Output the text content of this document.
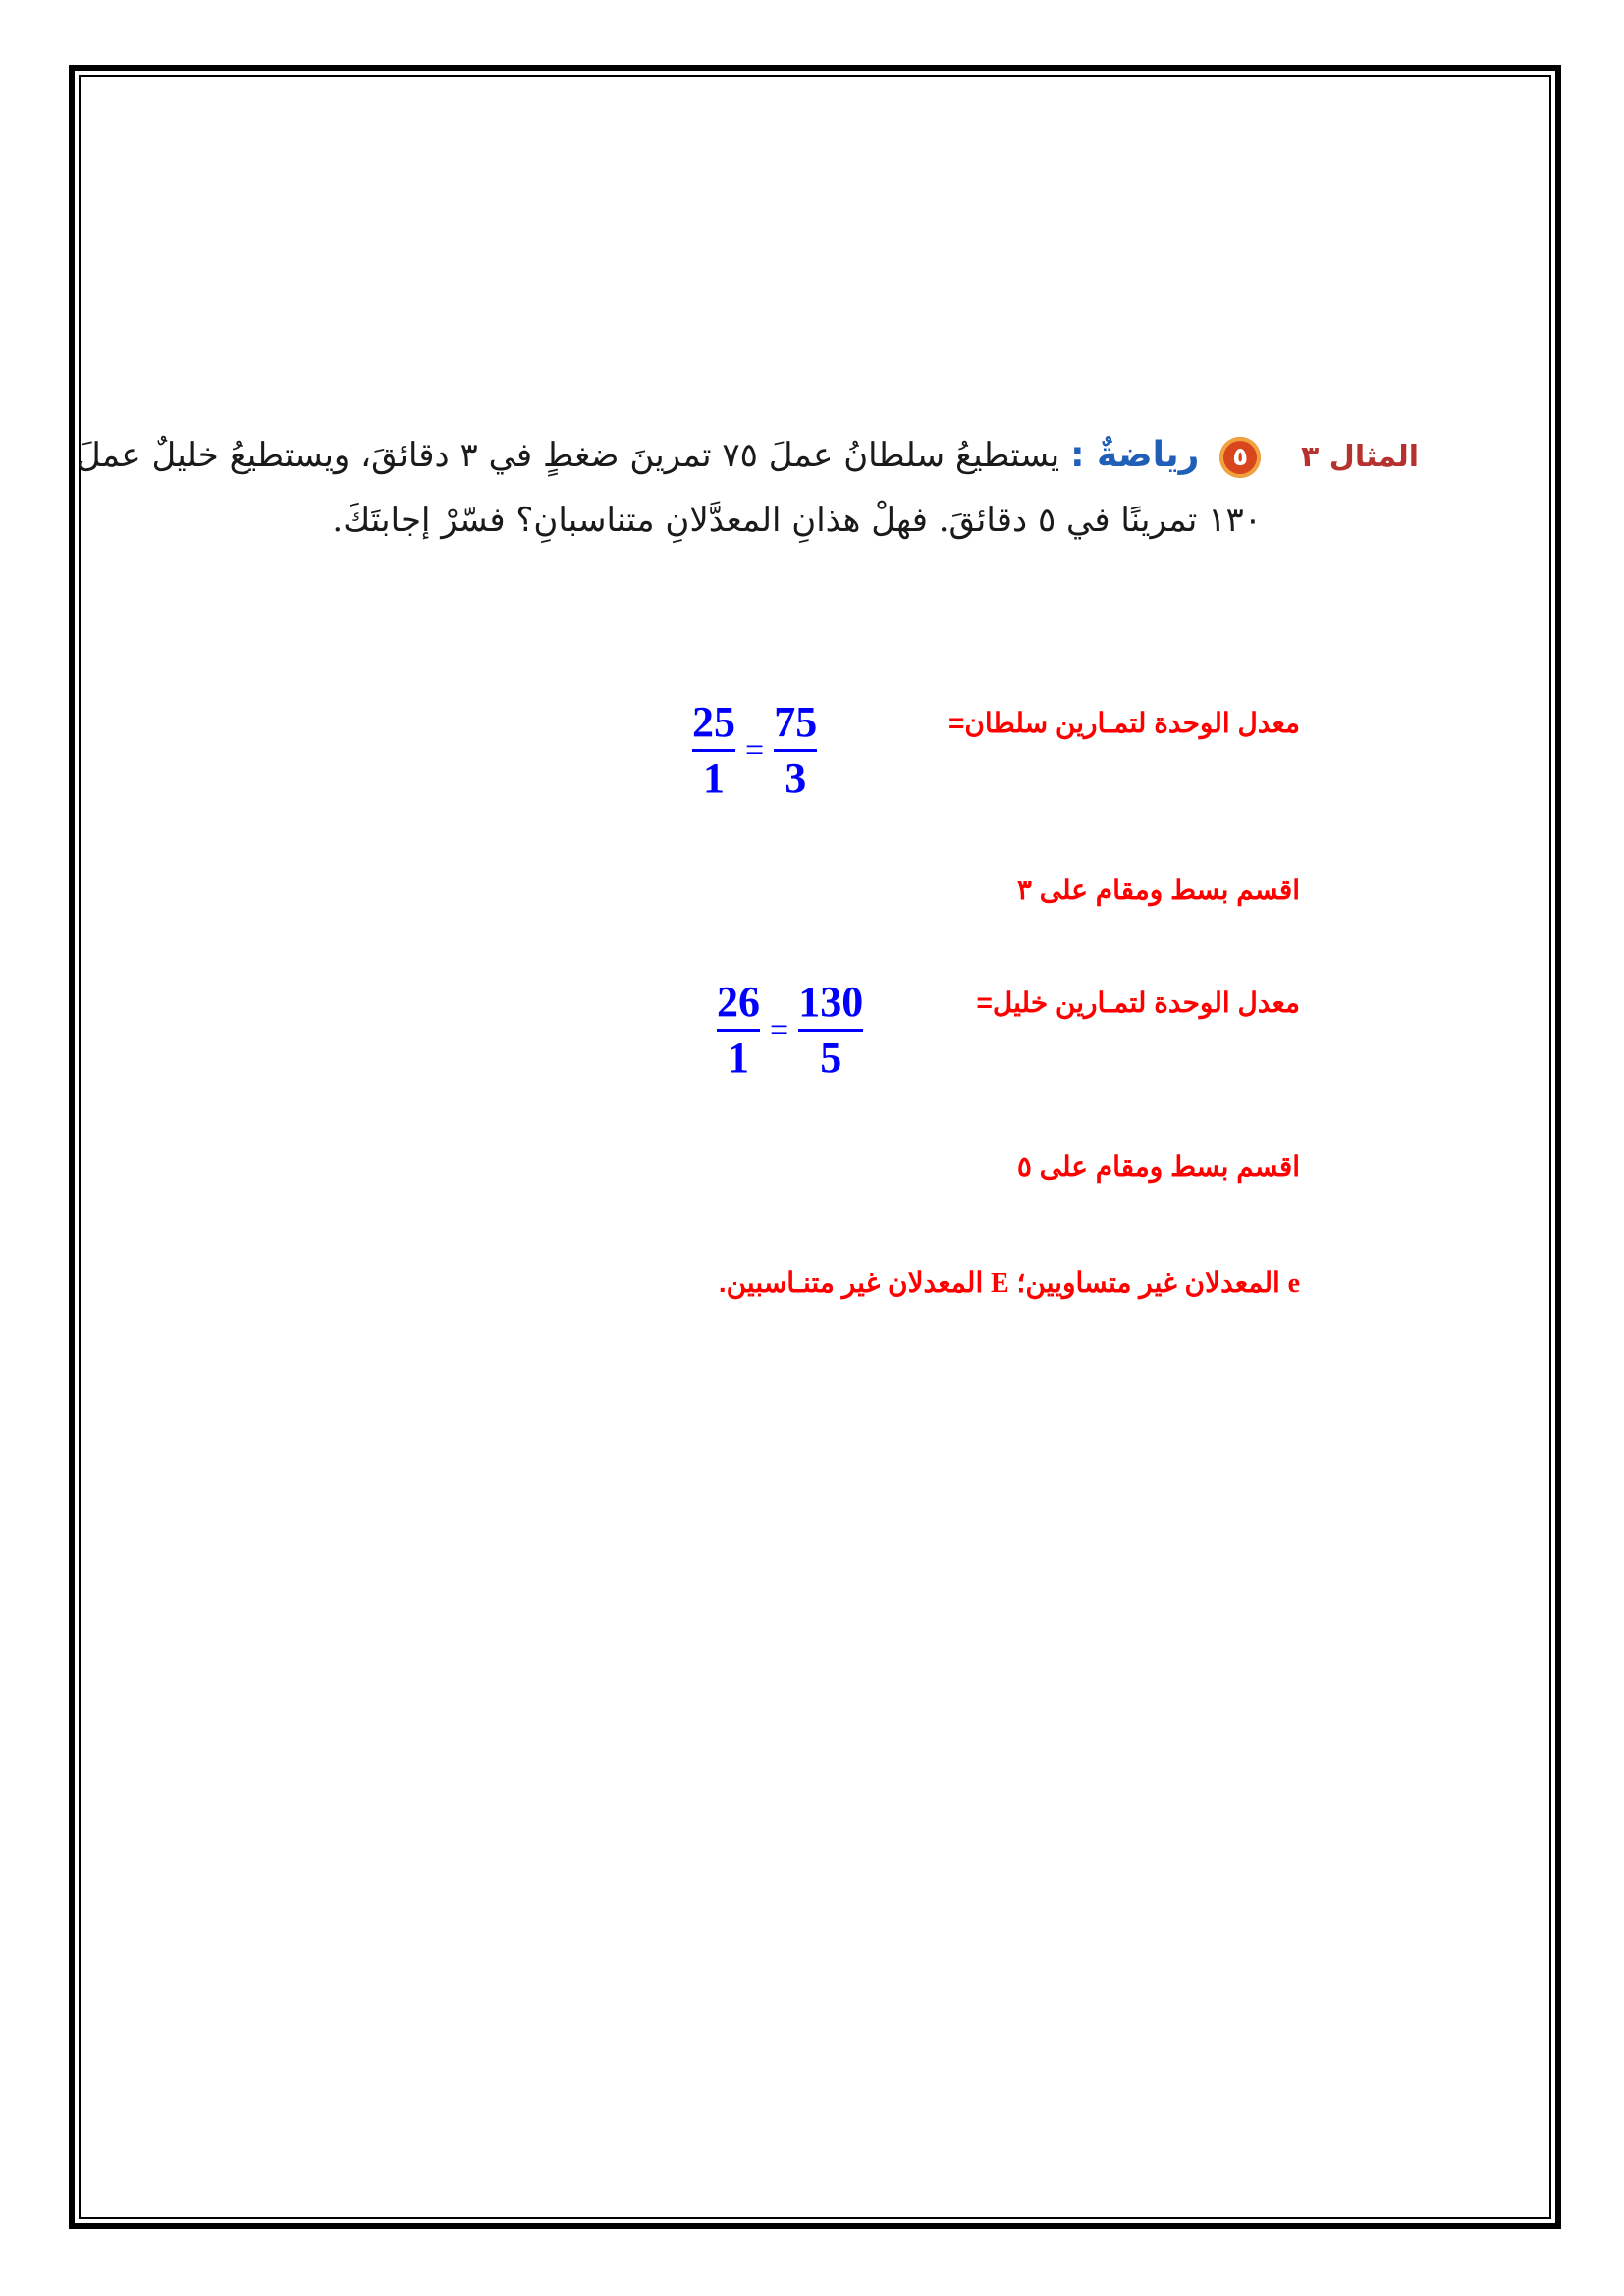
المثال ٣ ٥ رياضةٌ : يستطيعُ سلطانُ عملَ ٧٥ تمرينَ ضغطٍ في ٣ دقائقَ، ويستطيعُ خليلٌ عملَ
١٣٠ تمرينًا في ٥ دقائقَ. فهلْ هذانِ المعدَّلانِ متناسبانِ؟ فسّرْ إجابتَكَ.
معدل الوحدة لتمـارين سلطان=
$\frac{25}{1} = \frac{75}{3}$
اقسم بسط ومقام على ٣
معدل الوحدة لتمـارين خليل=
$\frac{26}{1} = \frac{130}{5}$
اقسم بسط ومقام على ٥
e المعدلان غير متساويين؛ E المعدلان غير متنـاسبين.
